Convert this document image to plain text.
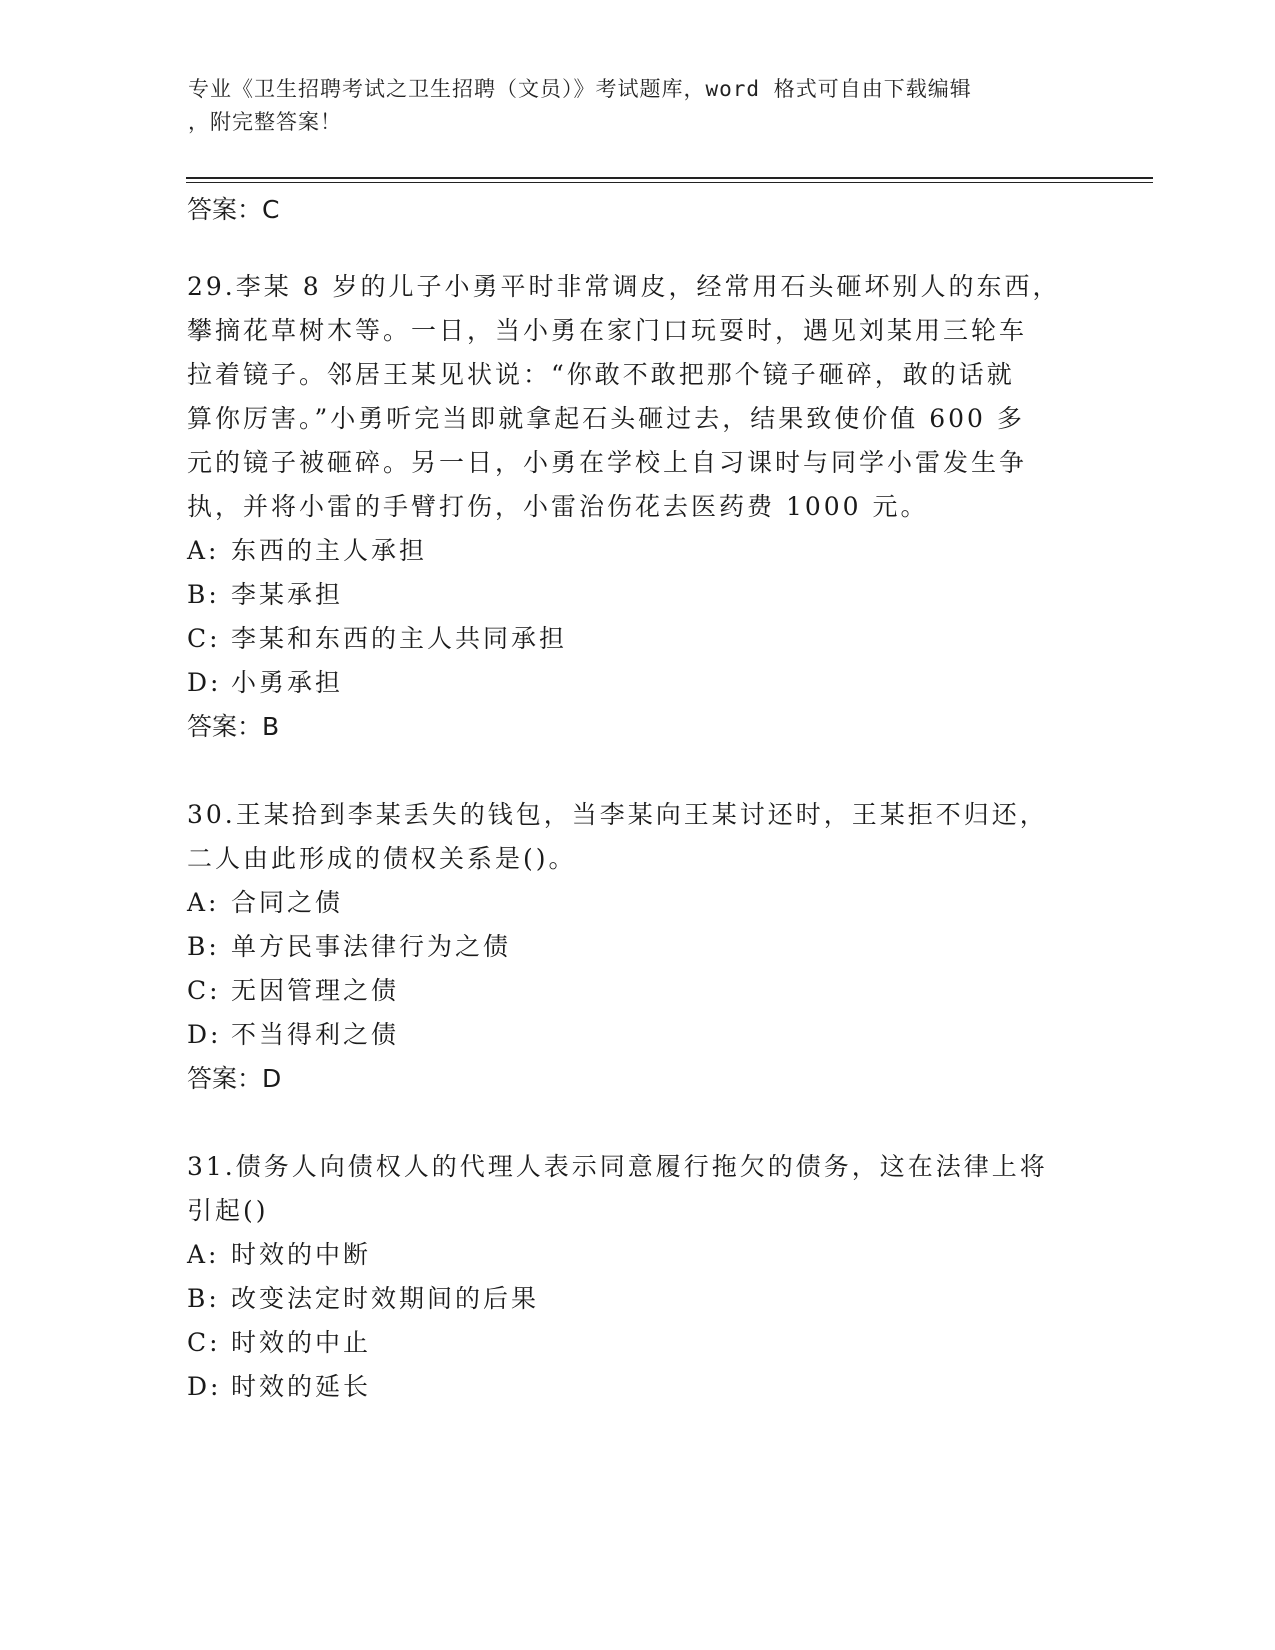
专业《卫生招聘考试之卫生招聘（文员）》考试题库，word 格式可自由下载编辑
，附完整答案！
答案：C
29.李某 8 岁的儿子小勇平时非常调皮，经常用石头砸坏别人的东西，
攀摘花草树木等。一日，当小勇在家门口玩耍时，遇见刘某用三轮车
拉着镜子。邻居王某见状说：“你敢不敢把那个镜子砸碎，敢的话就
算你厉害。”小勇听完当即就拿起石头砸过去，结果致使价值 600 多
元的镜子被砸碎。另一日，小勇在学校上自习课时与同学小雷发生争
执，并将小雷的手臂打伤，小雷治伤花去医药费 1000 元。
A: 东西的主人承担
B: 李某承担
C: 李某和东西的主人共同承担
D: 小勇承担
答案：B
30.王某拾到李某丢失的钱包，当李某向王某讨还时，王某拒不归还，
二人由此形成的债权关系是()。
A: 合同之债
B: 单方民事法律行为之债
C: 无因管理之债
D: 不当得利之债
答案：D
31.债务人向债权人的代理人表示同意履行拖欠的债务，这在法律上将
引起()
A: 时效的中断
B: 改变法定时效期间的后果
C: 时效的中止
D: 时效的延长
